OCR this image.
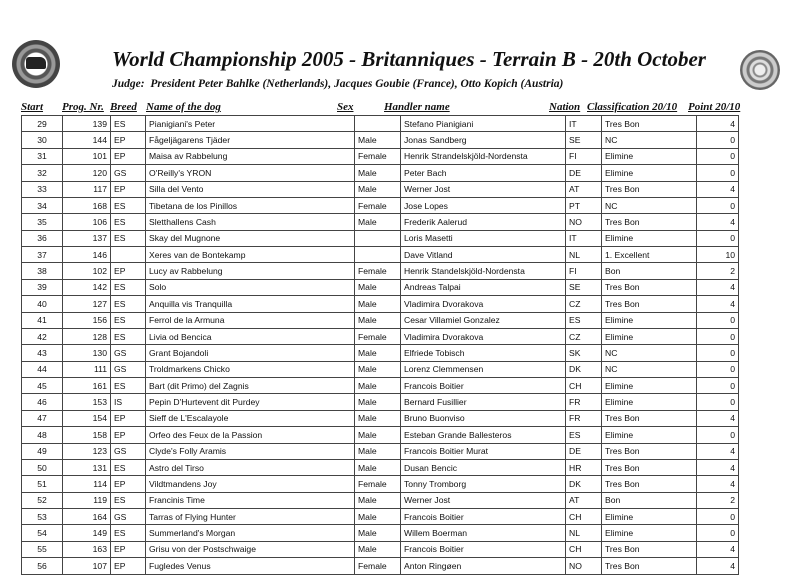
World Championship 2005 - Britanniques - Terrain B - 20th October
Judge: President Peter Bahlke (Netherlands), Jacques Goubie (France), Otto Kopich (Austria)
Start Prog. Nr. Breed Name of the dog	Sex	Handler name	Nation Classification 20/10 Point 20/10
29	139	ES	Pianigiani's Peter		Stefano Pianigiani	IT	Tres Bon	4
30	144	EP	Fågeljägarens Tjäder	Male	Jonas Sandberg	SE	NC	0
31	101	EP	Maisa av Rabbelung	Female	Henrik Strandelskjöld-Nordensta	FI	Elimine	0
32	120	GS	O'Reilly's YRON	Male	Peter Bach	DE	Elimine	0
33	117	EP	Silla del Vento	Male	Werner Jost	AT	Tres Bon	4
34	168	ES	Tibetana de los Pinillos	Female	Jose Lopes	PT	NC	0
35	106	ES	Sletthallens Cash	Male	Frederik Aalerud	NO	Tres Bon	4
36	137	ES	Skay del Mugnone		Loris Masetti	IT	Elimine	0
37	146		Xeres van de Bontekamp		Dave Vitland	NL	1. Excellent	10
38	102	EP	Lucy av Rabbelung	Female	Henrik Standelskjöld-Nordensta	FI	Bon	2
39	142	ES	Solo	Male	Andreas Talpai	SE	Tres Bon	4
40	127	ES	Anquilla vis Tranquilla	Male	Vladimira Dvorakova	CZ	Tres Bon	4
41	156	ES	Ferrol de la Armuna	Male	Cesar Villamiel Gonzalez	ES	Elimine	0
42	128	ES	Livia od Bencica	Female	Vladimira Dvorakova	CZ	Elimine	0
43	130	GS	Grant Bojandoli	Male	Elfriede Tobisch	SK	NC	0
44	111	GS	Troldmarkens Chicko	Male	Lorenz Clemmensen	DK	NC	0
45	161	ES	Bart (dit Primo) del Zagnis	Male	Francois Boitier	CH	Elimine	0
46	153	IS	Pepin D'Hurtevent dit Purdey	Male	Bernard Fusillier	FR	Elimine	0
47	154	EP	Sieff de L'Escalayole	Male	Bruno Buonviso	FR	Tres Bon	4
48	158	EP	Orfeo des Feux de la Passion	Male	Esteban Grande Ballesteros	ES	Elimine	0
49	123	GS	Clyde's Folly Aramis	Male	Francois Boitier Murat	DE	Tres Bon	4
50	131	ES	Astro del Tirso	Male	Dusan Bencic	HR	Tres Bon	4
51	114	EP	Vildtmandens Joy	Female	Tonny Tromborg	DK	Tres Bon	4
52	119	ES	Francinis Time	Male	Werner Jost	AT	Bon	2
53	164	GS	Tarras of Flying Hunter	Male	Francois Boitier	CH	Elimine	0
54	149	ES	Summerland's Morgan	Male	Willem Boerman	NL	Elimine	0
55	163	EP	Grisu von der Postschwaige	Male	Francois Boitier	CH	Tres Bon	4
56	107	EP	Fugledes Venus	Female	Anton Ringøen	NO	Tres Bon	4
